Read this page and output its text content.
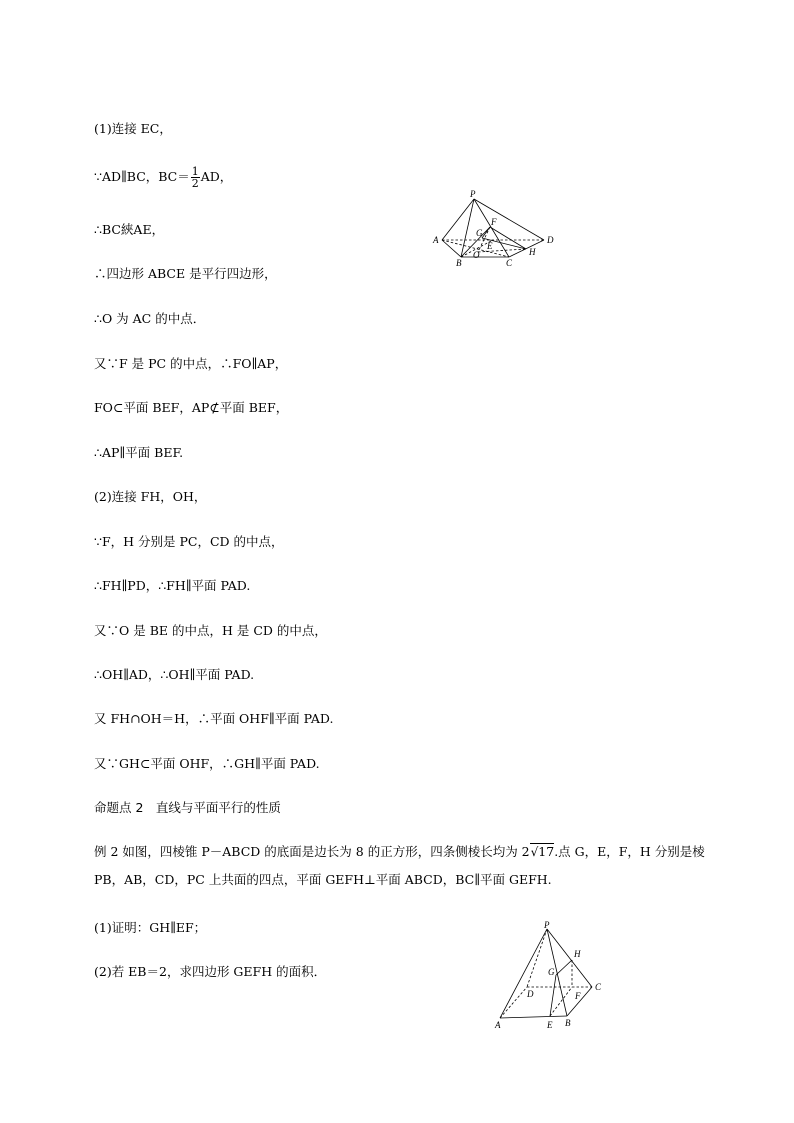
(1)连接 EC，
∵AD∥BC，$BC= \frac{1}{2}$ AD，
∴BC綊AE，
∴四边形 ABCE 是平行四边形，
∴O 为 AC 的中点．
又∵F 是 PC 的中点，∴FO∥AP，
FO⊂平面 BEF，AP⊄平面 BEF，
∴AP∥平面 BEF.
(2)连接 FH，OH，
∵F，H 分别是 PC，CD 的中点，
∴FH∥PD，∴FH∥平面 PAD.
又∵O 是 BE 的中点，H 是 CD 的中点，
∴OH∥AD，∴OH∥平面 PAD.
又 FH∩OH＝H，∴平面 OHF∥平面 PAD.
又∵GH⊂平面 OHF，∴GH∥平面 PAD.
命题点 2　直线与平面平行的性质
例 2 如图，四棱锥 P－ABCD 的底面是边长为 8 的正方形，四条侧棱长均为 2√17.点 G，E，F，H 分别是棱 PB，AB，CD，PC 上共面的四点，平面 GEFH⊥平面 ABCD，BC∥平面 GEFH.
(1)证明：GH∥EF；
(2)若 EB＝2，求四边形 GEFH 的面积．
P
A
B	C
D
F
G
E
O	H
P
H
G
D
C
F
A	E B
